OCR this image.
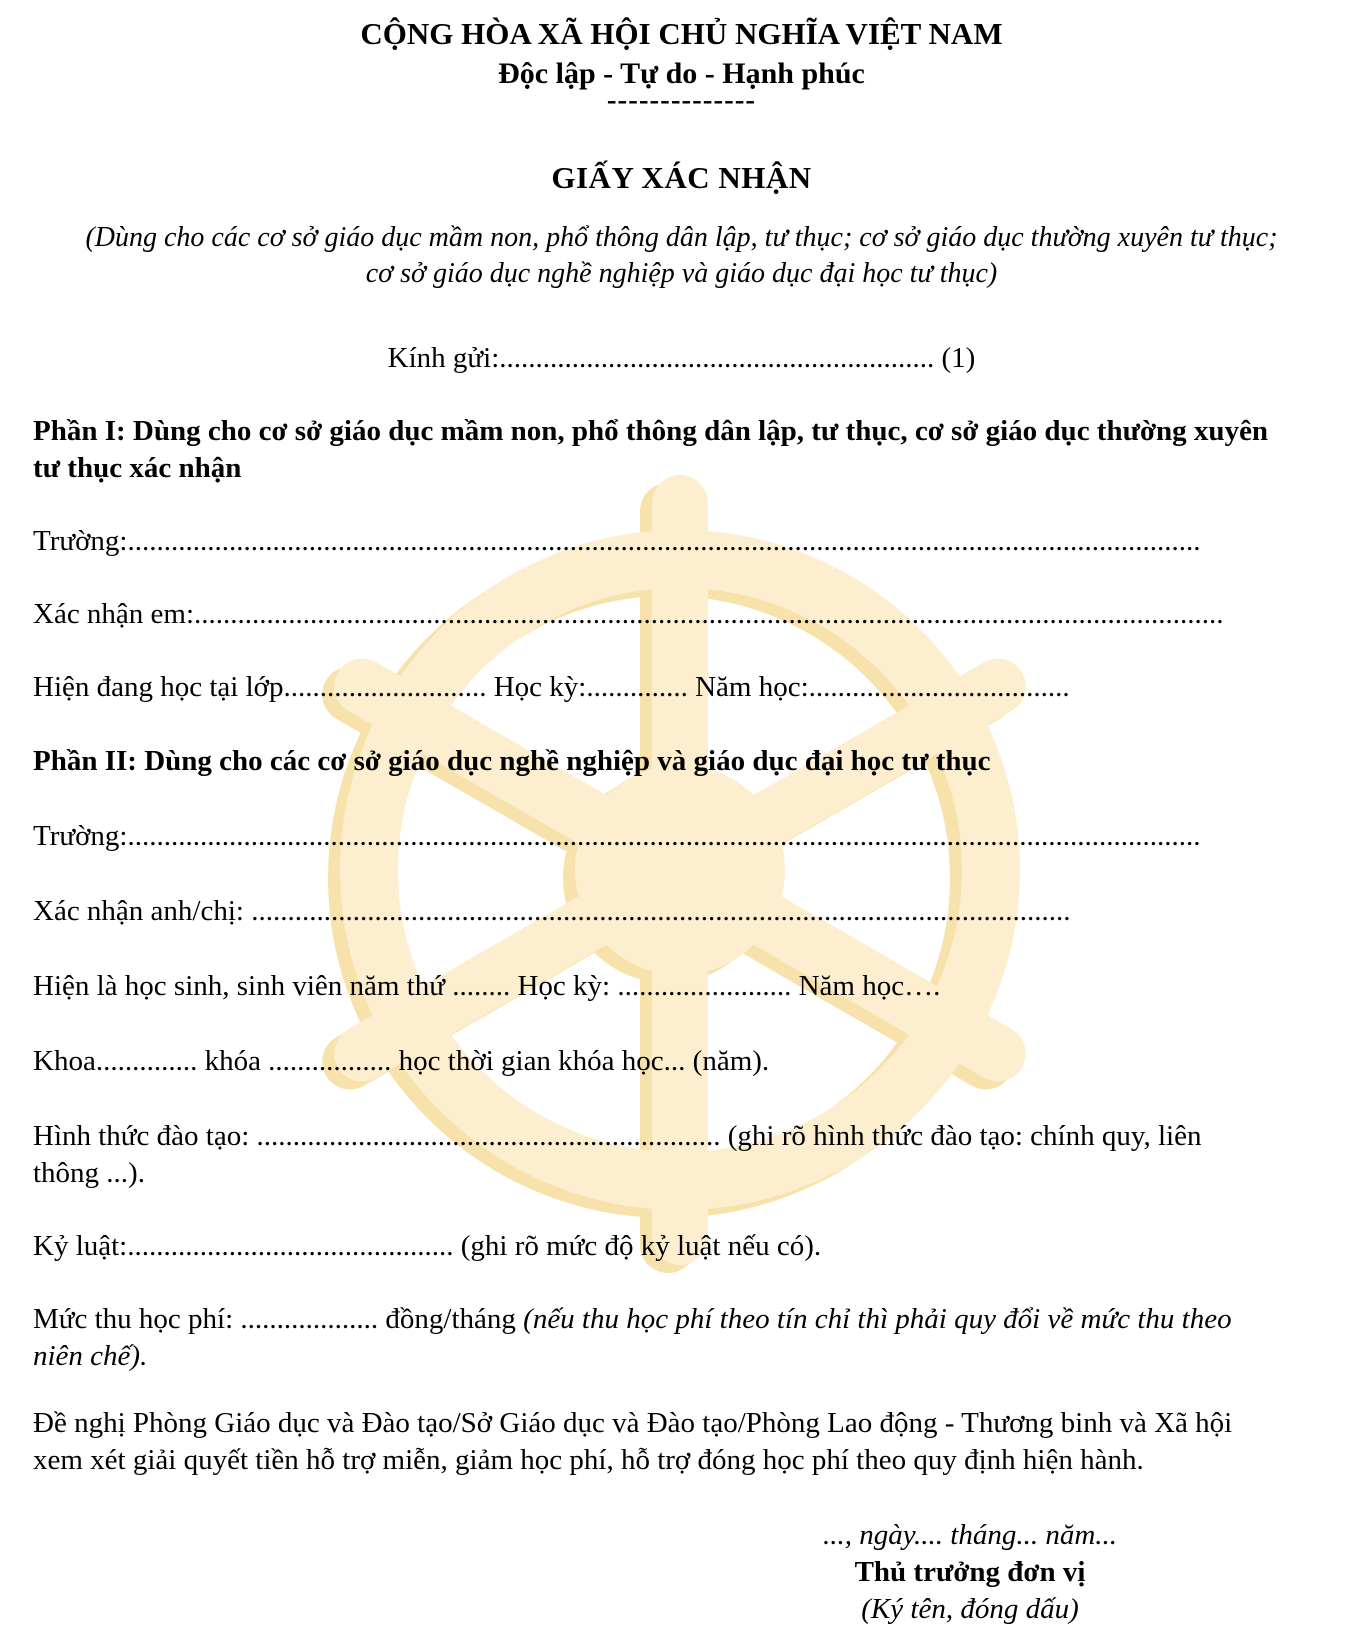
CỘNG HÒA XÃ HỘI CHỦ NGHĨA VIỆT NAM
Độc lập - Tự do - Hạnh phúc
--------------
GIẤY XÁC NHẬN
(Dùng cho các cơ sở giáo dục mầm non, phổ thông dân lập, tư thục; cơ sở giáo dục thường xuyên tư thục;
cơ sở giáo dục nghề nghiệp và giáo dục đại học tư thục)
Kính gửi:............................................................ (1)
Phần I: Dùng cho cơ sở giáo dục mầm non, phổ thông dân lập, tư thục, cơ sở giáo dục thường xuyên
tư thục xác nhận
Trường:....................................................................................................................................................
Xác nhận em:..............................................................................................................................................
Hiện đang học tại lớp............................ Học kỳ:.............. Năm học:....................................
Phần II: Dùng cho các cơ sở giáo dục nghề nghiệp và giáo dục đại học tư thục
Trường:....................................................................................................................................................
Xác nhận anh/chị: .................................................................................................................
Hiện là học sinh, sinh viên năm thứ ........ Học kỳ: ........................ Năm học….
Khoa.............. khóa ................. học thời gian khóa học... (năm).
Hình thức đào tạo: ................................................................ (ghi rõ hình thức đào tạo: chính quy, liên
thông ...).
Kỷ luật:............................................. (ghi rõ mức độ kỷ luật nếu có).
Mức thu học phí: ................... đồng/tháng (nếu thu học phí theo tín chỉ thì phải quy đổi về mức thu theo
niên chế).
Đề nghị Phòng Giáo dục và Đào tạo/Sở Giáo dục và Đào tạo/Phòng Lao động - Thương binh và Xã hội
xem xét giải quyết tiền hỗ trợ miễn, giảm học phí, hỗ trợ đóng học phí theo quy định hiện hành.
..., ngày.... tháng... năm...
Thủ trưởng đơn vị
(Ký tên, đóng dấu)
